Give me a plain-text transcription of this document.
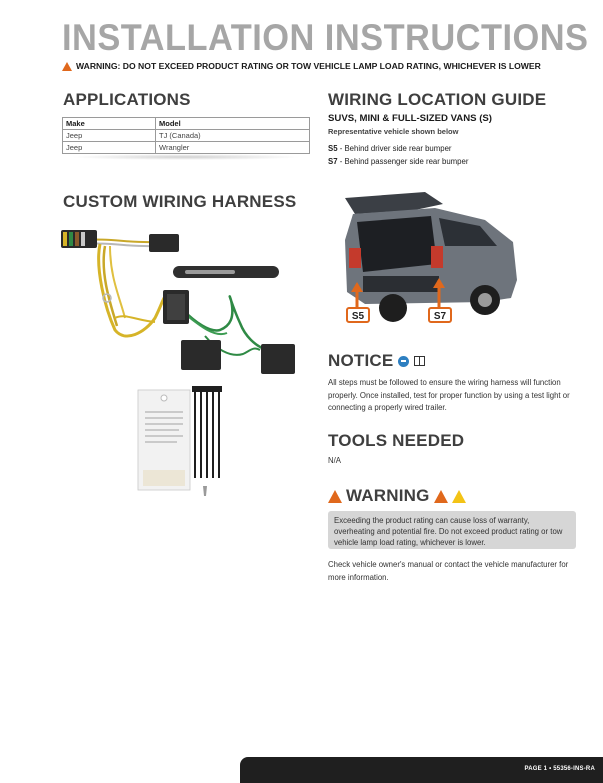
INSTALLATION INSTRUCTIONS
WARNING: DO NOT EXCEED PRODUCT RATING OR TOW VEHICLE LAMP LOAD RATING, WHICHEVER IS LOWER
APPLICATIONS
Make	Model
Jeep	TJ (Canada)
Jeep	Wrangler
CUSTOM WIRING HARNESS
WIRING LOCATION GUIDE
SUVS, MINI & FULL-SIZED VANS (S)
Representative vehicle shown below
S5 - Behind driver side rear bumper
S7 - Behind passenger side rear bumper
S5	S7
NOTICE
All steps must be followed to ensure the wiring harness will function properly. Once installed, test for proper function by using a test light or connecting a properly wired trailer.
TOOLS NEEDED
N/A
WARNING
Exceeding the product rating can cause loss of warranty, overheating and potential fire. Do not exceed product rating or tow vehicle lamp load rating, whichever is lower.
Check vehicle owner's manual or contact the vehicle manufacturer for more information.
PAGE 1 • 55356-INS-RA
